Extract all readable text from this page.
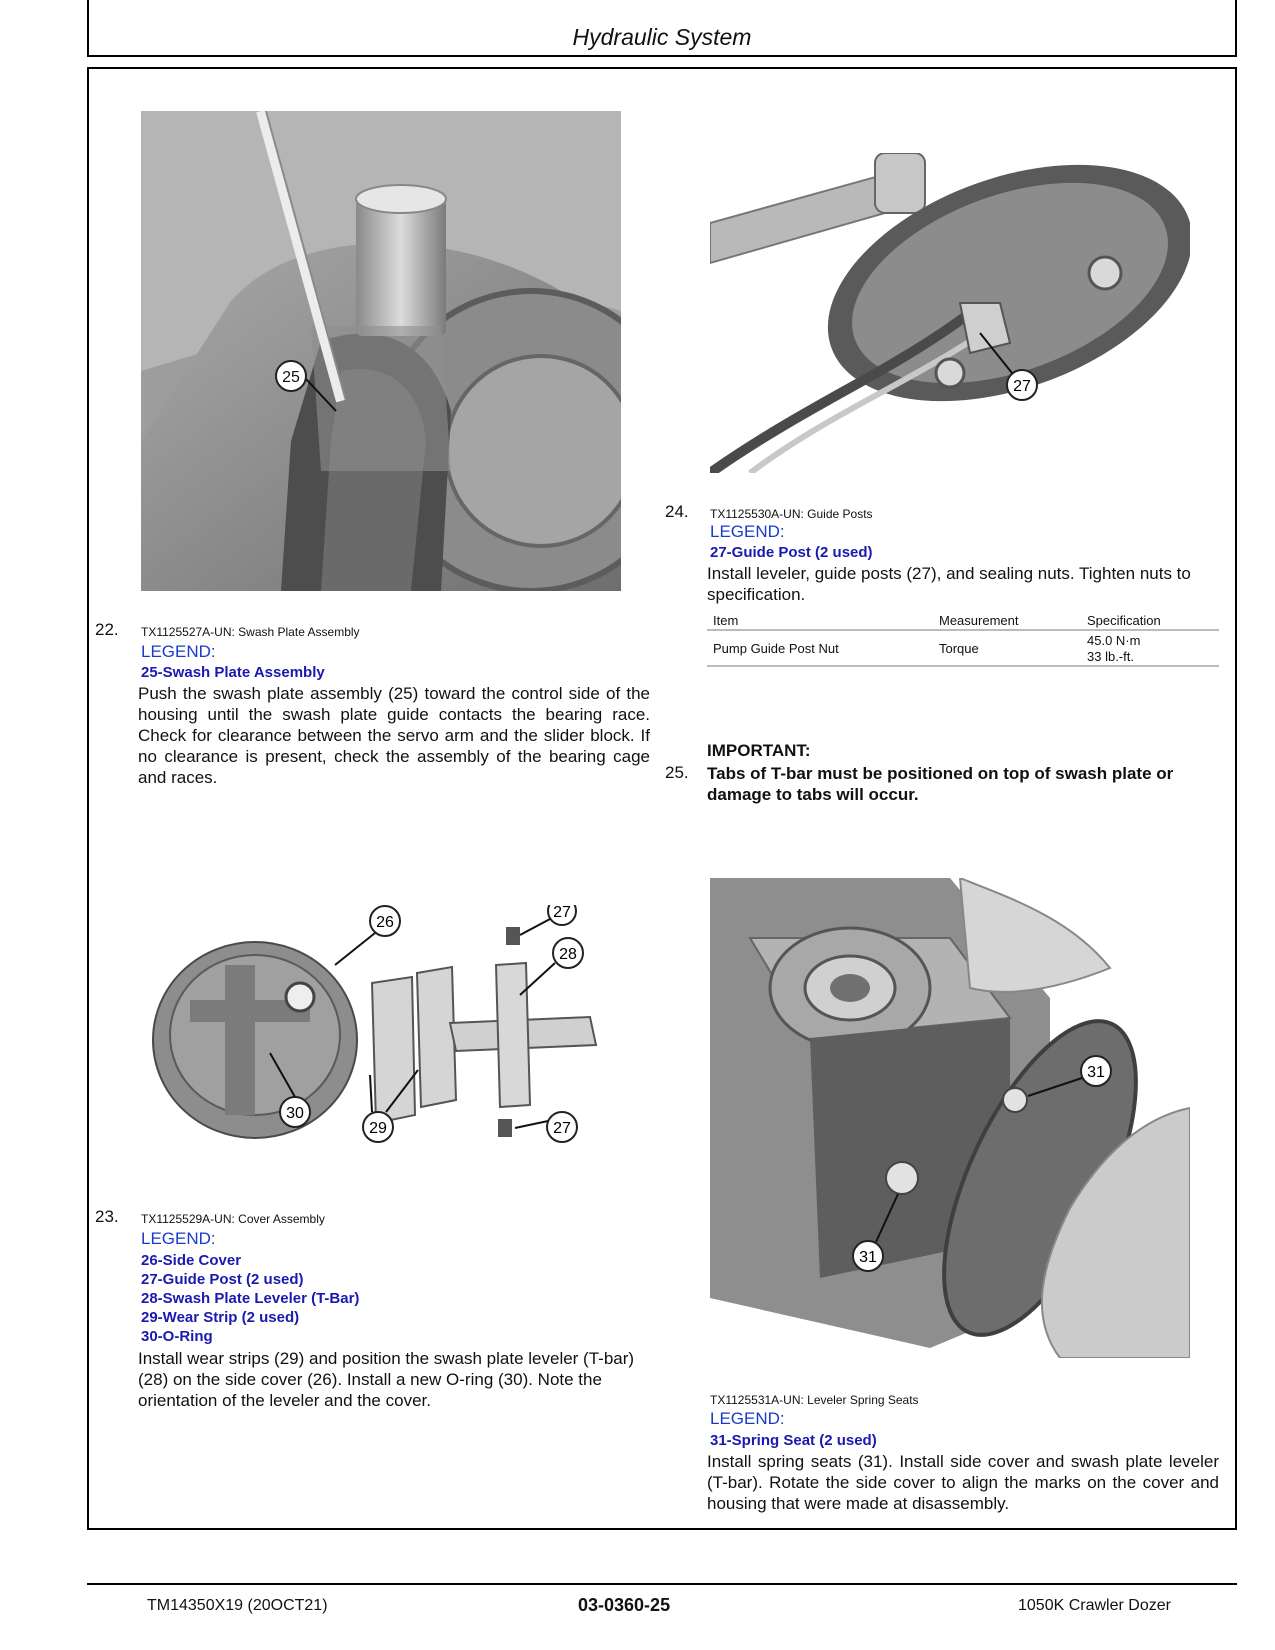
Hydraulic System
25
22. TX1125527A-UN: Swash Plate Assembly
LEGEND:
25-Swash Plate Assembly
Push the swash plate assembly (25) toward the control side of the housing until the swash plate guide contacts the bearing race. Check for clearance between the servo arm and the slider block. If no clearance is present, check the assembly of the bearing cage and races.
26
27
28
30
29	27
23. TX1125529A-UN: Cover Assembly
LEGEND:
26-Side Cover
27-Guide Post (2 used)
28-Swash Plate Leveler (T-Bar)
29-Wear Strip (2 used)
30-O-Ring
Install wear strips (29) and position the swash plate leveler (T-bar) (28) on the side cover (26). Install a new O-ring (30). Note the orientation of the leveler and the cover.
27
24. TX1125530A-UN: Guide Posts
LEGEND:
27-Guide Post (2 used)
Install leveler, guide posts (27), and sealing nuts. Tighten nuts to specification.
Item	Measurement	Specification
Pump Guide Post Nut	Torque
45.0 N·m
33 lb.-ft.
IMPORTANT:
25. Tabs of T-bar must be positioned on top of swash plate or damage to tabs will occur.
31
31
TX1125531A-UN: Leveler Spring Seats
LEGEND:
31-Spring Seat (2 used)
Install spring seats (31). Install side cover and swash plate leveler (T-bar). Rotate the side cover to align the marks on the cover and housing that were made at disassembly.
TM14350X19 (20OCT21)	03-0360-25	1050K Crawler Dozer
